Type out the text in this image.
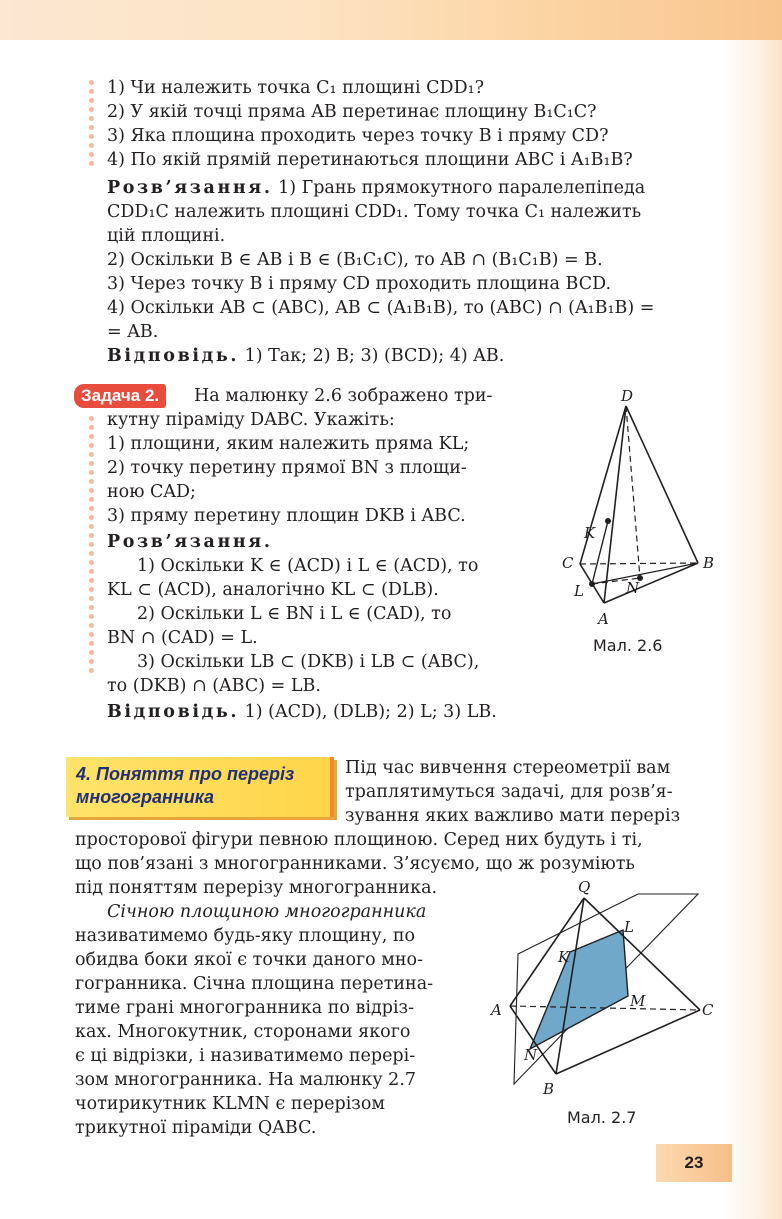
1) Чи належить точка C₁ площині CDD₁?
2) У якій точці пряма AB перетинає площину B₁C₁C?
3) Яка площина проходить через точку B і пряму CD?
4) По якій прямій перетинаються площини ABC і A₁B₁B?
Розв’язання. 1) Грань прямокутного паралелепіпеда
CDD₁C належить площині CDD₁. Тому точка C₁ належить
цій площині.
2) Оскільки B ∈ AB і B ∈ (B₁C₁C), то AB ∩ (B₁C₁B) = B.
3) Через точку B і пряму CD проходить площина BCD.
4) Оскільки AB ⊂ (ABC), AB ⊂ (A₁B₁B), то (ABC) ∩ (A₁B₁B) =
= AB.
Відповідь. 1) Так; 2) B; 3) (BCD); 4) AB.
Задача 2.	На малюнку 2.6 зображено три-
кутну піраміду DABC. Укажіть:
1) площини, яким належить пряма KL;
2) точку перетину прямої BN з площи-
ною CAD;
3) пряму перетину площин DKB і ABC.
Розв’язання.
1) Оскільки K ∈ (ACD) і L ∈ (ACD), то
KL ⊂ (ACD), аналогічно KL ⊂ (DLB).
2) Оскільки L ∈ BN і L ∈ (CAD), то
BN ∩ (CAD) = L.
3) Оскільки LB ⊂ (DKB) і LB ⊂ (ABC),
то (DKB) ∩ (ABC) = LB.
Відповідь. 1) (ACD), (DLB); 2) L; 3) LB.
D
K
C	B
L	N
A
Мал. 2.6
4. Поняття про переріз
многогранника
Під час вивчення стереометрії вам
траплятимуться задачі, для розв’я-
зування яких важливо мати переріз
просторової фігури певною площиною. Серед них будуть і ті,
що пов’язані з многогранниками. З’ясуємо, що ж розуміють
під поняттям перерізу многогранника.
Січною площиною многогранника
називатимемо будь-яку площину, по
обидва боки якої є точки даного мно-
гогранника. Січна площина перетина-
тиме грані многогранника по відріз-
ках. Многокутник, сторонами якого
є ці відрізки, і називатимемо перері-
зом многогранника. На малюнку 2.7
чотирикутник KLMN є перерізом
трикутної піраміди QABC.
Q
L
K
A	M	C
N
B
Мал. 2.7
23
